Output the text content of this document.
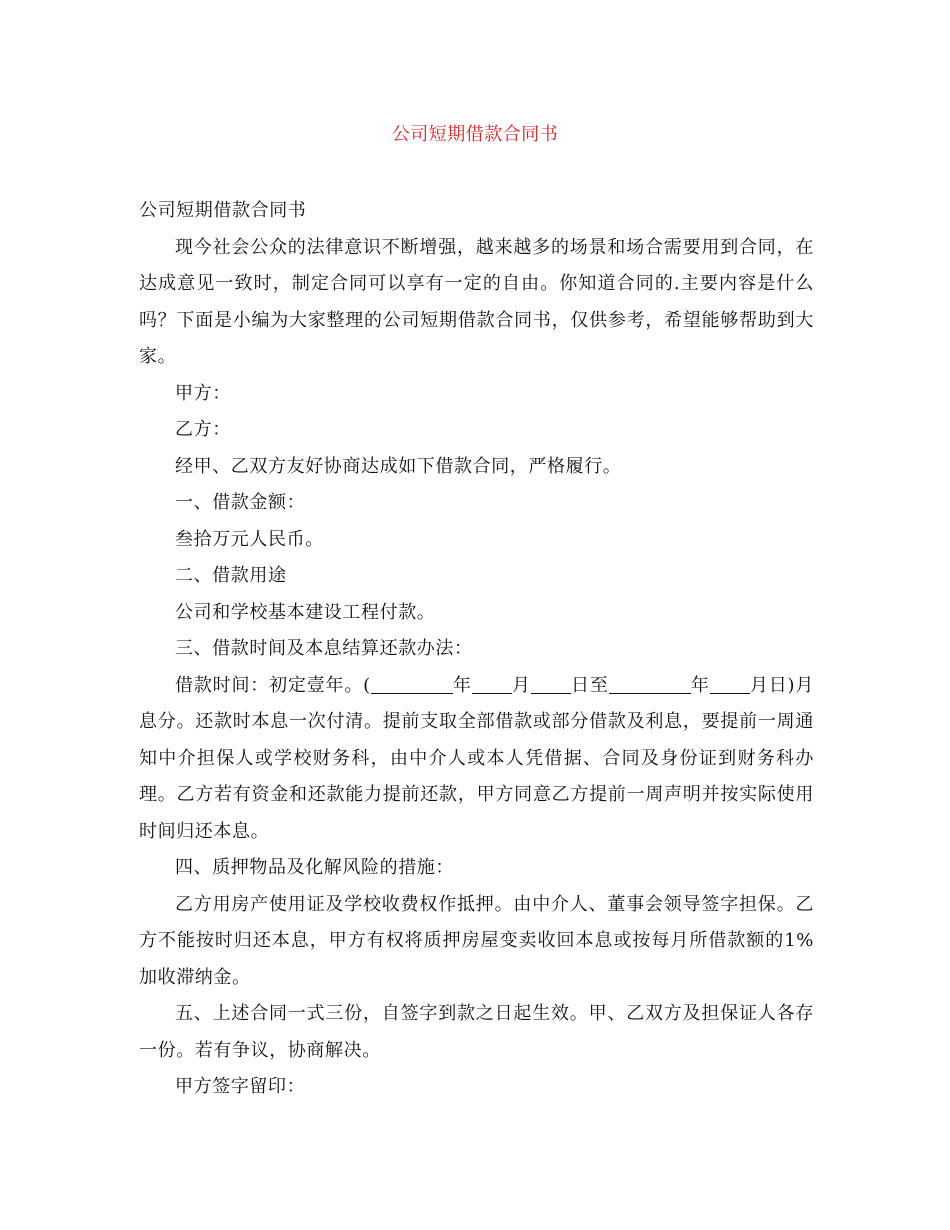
公司短期借款合同书

公司短期借款合同书

现今社会公众的法律意识不断增强，越来越多的场景和场合需要用到合同，在达成意见一致时，制定合同可以享有一定的自由。你知道合同的.主要内容是什么吗？下面是小编为大家整理的公司短期借款合同书，仅供参考，希望能够帮助到大家。

甲方：

乙方：

经甲、乙双方友好协商达成如下借款合同，严格履行。

一、借款金额：

叁拾万元人民币。

二、借款用途

公司和学校基本建设工程付款。

三、借款时间及本息结算还款办法：

借款时间：初定壹年。(	年 月 日至	年 月日)月息分。还款时本息一次付清。提前支取全部借款或部分借款及利息，要提前一周通知中介担保人或学校财务科，由中介人或本人凭借据、合同及身份证到财务科办理。乙方若有资金和还款能力提前还款，甲方同意乙方提前一周声明并按实际使用时间归还本息。

四、质押物品及化解风险的措施：

乙方用房产使用证及学校收费权作抵押。由中介人、董事会领导签字担保。乙方不能按时归还本息，甲方有权将质押房屋变卖收回本息或按每月所借款额的1%加收滞纳金。

五、上述合同一式三份，自签字到款之日起生效。甲、乙双方及担保证人各存一份。若有争议，协商解决。

甲方签字留印：
